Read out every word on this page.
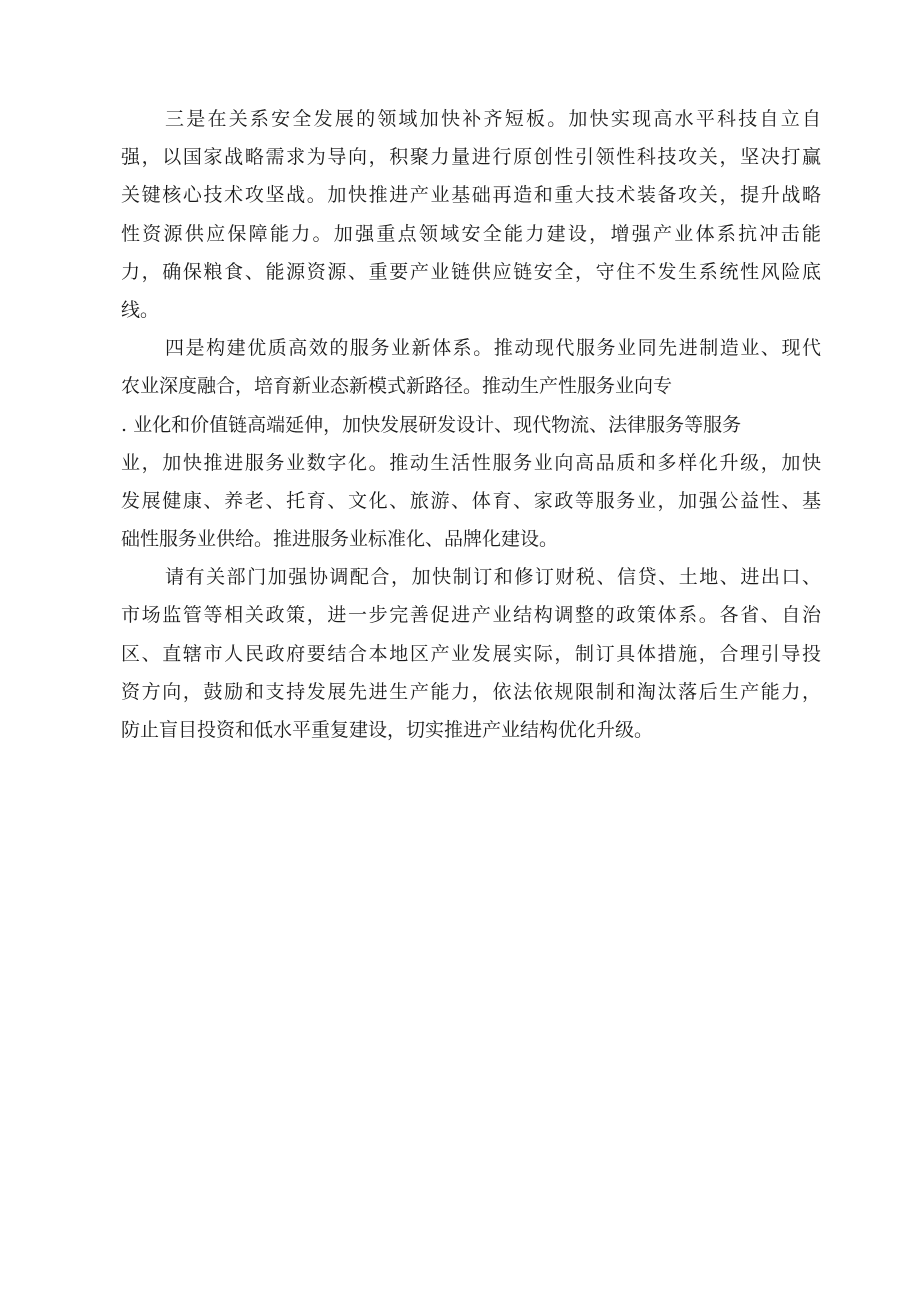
三是在关系安全发展的领域加快补齐短板。加快实现高水平科技自立自
强，以国家战略需求为导向，积聚力量进行原创性引领性科技攻关，坚决打赢
关键核心技术攻坚战。加快推进产业基础再造和重大技术装备攻关，提升战略
性资源供应保障能力。加强重点领域安全能力建设，增强产业体系抗冲击能
力，确保粮食、能源资源、重要产业链供应链安全，守住不发生系统性风险底
线。
四是构建优质高效的服务业新体系。推动现代服务业同先进制造业、现代
农业深度融合，培育新业态新模式新路径。推动生产性服务业向专
. 业化和价值链高端延伸，加快发展研发设计、现代物流、法律服务等服务
业，加快推进服务业数字化。推动生活性服务业向高品质和多样化升级，加快
发展健康、养老、托育、文化、旅游、体育、家政等服务业，加强公益性、基
础性服务业供给。推进服务业标准化、品牌化建设。
请有关部门加强协调配合，加快制订和修订财税、信贷、土地、进出口、
市场监管等相关政策，进一步完善促进产业结构调整的政策体系。各省、自治
区、直辖市人民政府要结合本地区产业发展实际，制订具体措施，合理引导投
资方向，鼓励和支持发展先进生产能力，依法依规限制和淘汰落后生产能力，
防止盲目投资和低水平重复建设，切实推进产业结构优化升级。
